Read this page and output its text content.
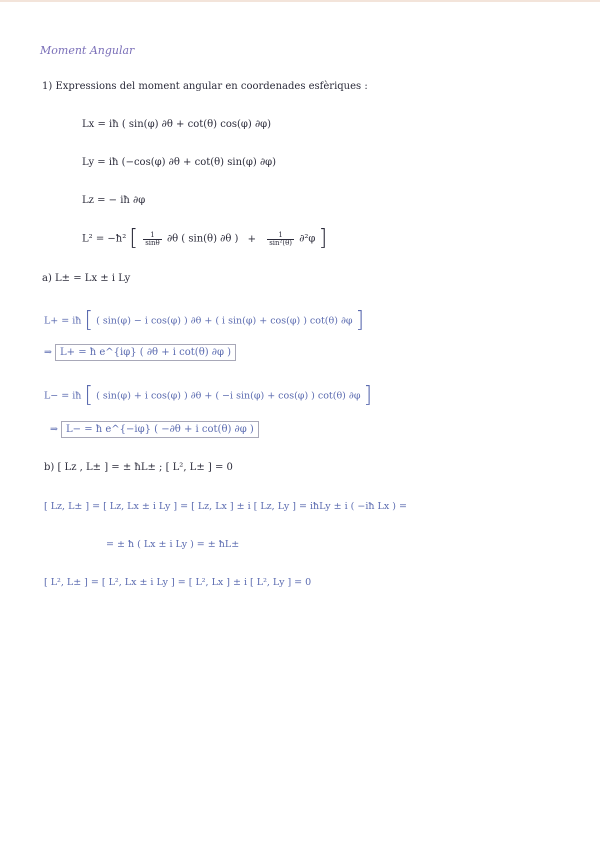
Moment Angular
1) Expressions del moment angular en coordenades esfèriques :
Lx = iħ ( sin(φ) ∂θ + cot(θ) cos(φ) ∂φ)
Ly = iħ (−cos(φ) ∂θ + cot(θ) sin(φ) ∂φ)
Lz = − iħ ∂φ
L² = −ħ² [ $\frac{1}{\sin\theta} \partial\theta$ ( sin(θ) ∂θ ) + $\frac{1}{\text{sin²(θ)}} \partial^2\varphi$ ]
a) L± = Lx ± i Ly
L+ = iħ [ ( sin(φ) − i cos(φ) ) ∂θ + ( i sin(φ) + cos(φ) ) cot(θ) ∂φ ]
⇒ L+ = ħ e^{iφ} ( ∂θ + i cot(θ) ∂φ )
L− = iħ [ ( sin(φ) + i cos(φ) ) ∂θ + ( −i sin(φ) + cos(φ) ) cot(θ) ∂φ ]
⇒ L− = ħ e^{−iφ} ( −∂θ + i cot(θ) ∂φ )
b) [ Lz , L± ] = ± ħL± ; [ L², L± ] = 0
[ Lz, L± ] = [ Lz, Lx ± i Ly ] = [ Lz, Lx ] ± i [ Lz, Ly ] = iħLy ± i ( −iħ Lx ) =
= ± ħ ( Lx ± i Ly ) = ± ħL±
[ L², L± ] = [ L², Lx ± i Ly ] = [ L², Lx ] ± i [ L², Ly ] = 0
